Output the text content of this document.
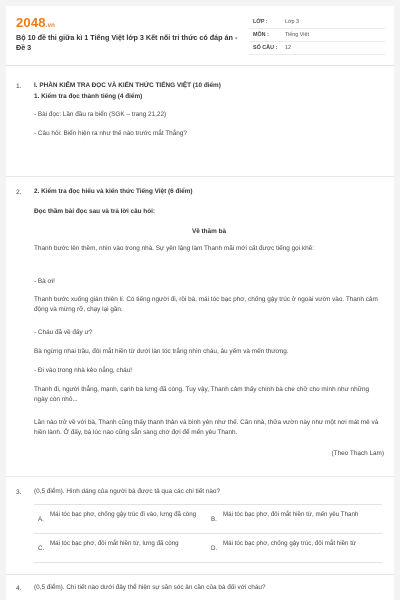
2048.vn
Bộ 10 đề thi giữa kì 1 Tiếng Việt lớp 3 Kết nối tri thức có đáp án - Đề 3
LỚP :	Lớp 3
MÔN :	Tiếng Việt
SỐ CÂU : 12
1.	I. PHẦN KIỂM TRA ĐỌC VÀ KIẾN THỨC TIẾNG VIỆT (10 điểm)
1. Kiểm tra đọc thành tiếng (4 điểm)
- Bài đọc: Lần đầu ra biển (SGK – trang 21,22)
- Câu hỏi: Biển hiện ra như thế nào trước mắt Thắng?
2.	2. Kiểm tra đọc hiểu và kiến thức Tiếng Việt (6 điểm)
Đọc thầm bài đọc sau và trả lời câu hỏi:
Về thăm bà
Thanh bước lên thềm, nhìn vào trong nhà. Sự yên lặng làm Thanh mãi mới cất được tiếng gọi khẽ:
- Bà ơi!
Thanh bước xuống giàn thiên lí. Có tiếng người đi, rồi bà, mái tóc bạc phơ, chống gậy trúc ở ngoài vườn vào. Thanh cảm động và mừng rỡ, chạy lại gần.
- Cháu đã về đấy ư?
Bà ngừng nhai trầu, đôi mắt hiền từ dưới làn tóc trắng nhìn cháu, âu yếm và mến thương.
- Đi vào trong nhà kẻo nắng, cháu!
Thanh đi, người thẳng, mạnh, cạnh bà lưng đã còng. Tuy vậy, Thanh cảm thấy chính bà che chở cho mình như những ngày còn nhỏ...
Lần nào trở về với bà, Thanh cũng thấy thanh thản và bình yên như thế. Căn nhà, thửa vườn này như một nơi mát mẻ và hiền lành. Ở đấy, bà lúc nào cũng sẵn sàng chờ đợi để mến yêu Thanh.
(Theo Thạch Lam)
3.	(0,5 điểm). Hình dáng của người bà được tả qua các chi tiết nào?
A.
Mái tóc bạc phơ, chống gậy trúc đi vào, lưng đã còng
B.
Mái tóc bạc phơ, đôi mắt hiền từ, mến yêu Thanh
C.
Mái tóc bạc phơ, đôi mắt hiền từ, lưng đã còng
D.
Mái tóc bạc phơ, chống gậy trúc, đôi mắt hiền từ
4.	(0,5 điểm). Chi tiết nào dưới đây thể hiện sự săn sóc ân cần của bà đối với cháu?
